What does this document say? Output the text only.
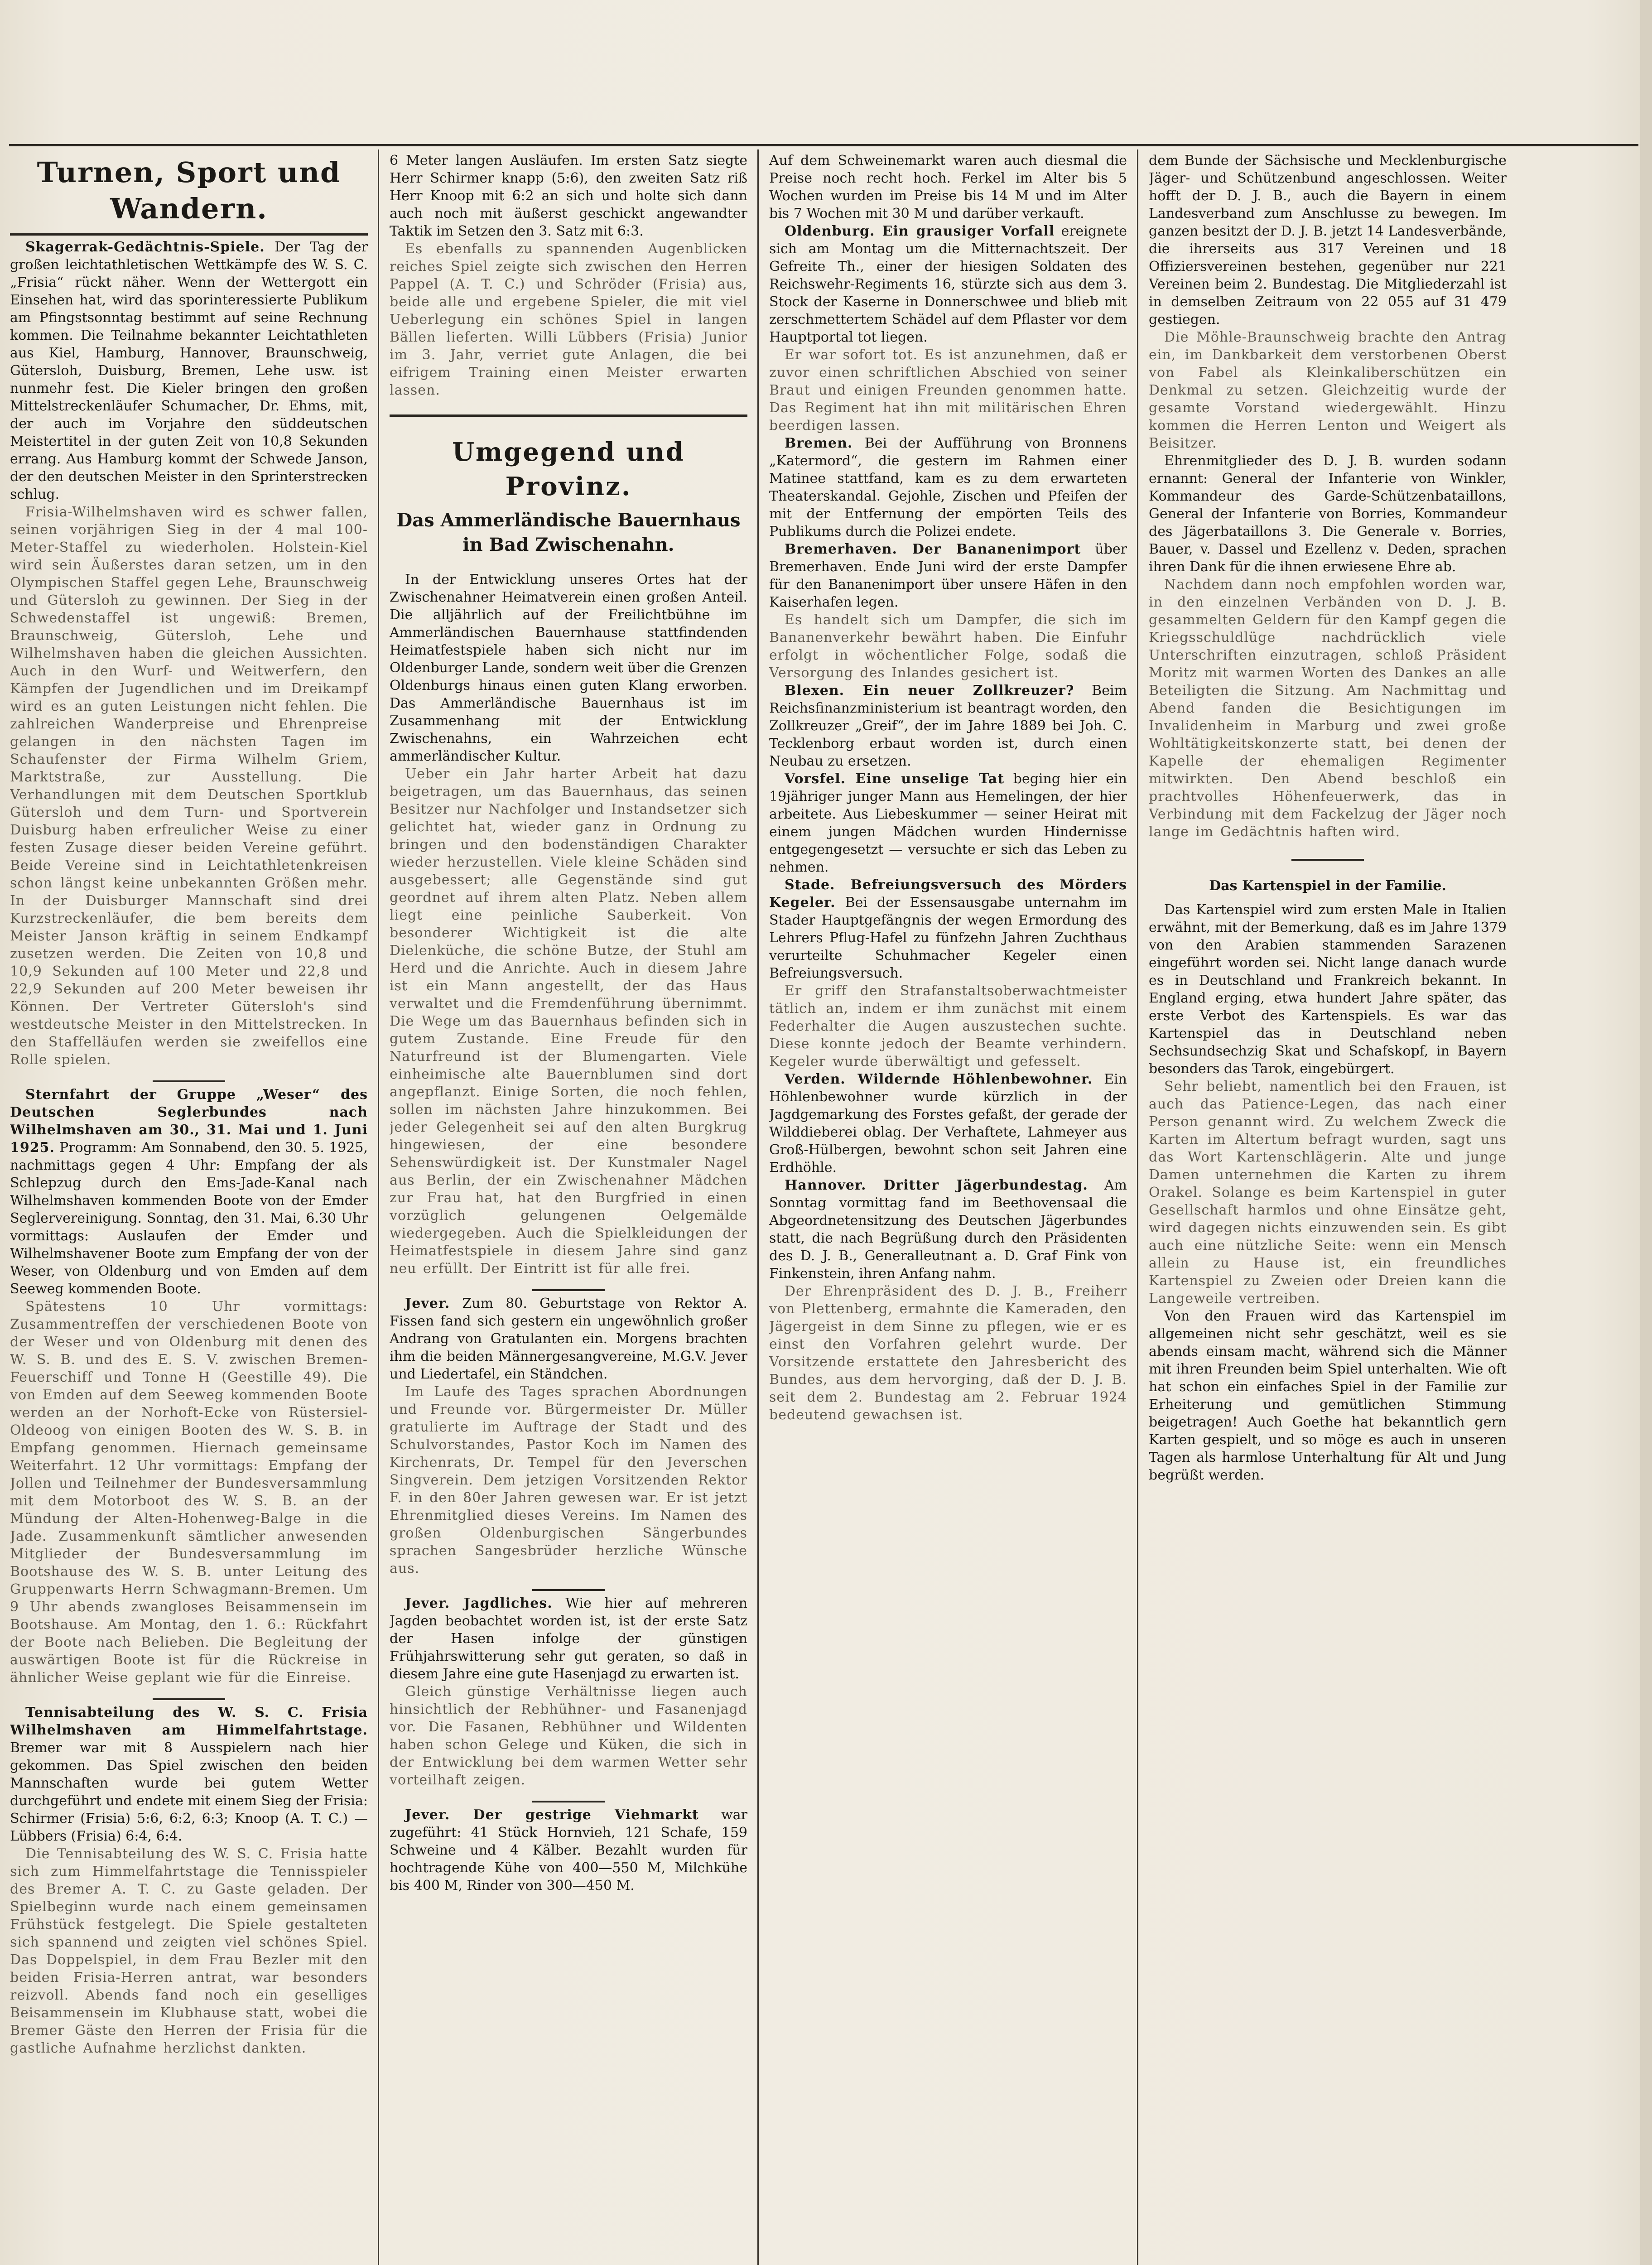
Turnen, Sport und Wandern.

Skagerrak-Gedächtnis-Spiele. Der Tag der großen leichtathletischen Wettkämpfe des W. S. C. „Frisia“ rückt näher. Wenn der Wettergott ein Einsehen hat, wird das sporinteressierte Publikum am Pfingstsonntag bestimmt auf seine Rechnung kommen. Die Teilnahme bekannter Leichtathleten aus Kiel, Hamburg, Hannover, Braunschweig, Gütersloh, Duisburg, Bremen, Lehe usw. ist nunmehr fest. Die Kieler bringen den großen Mittelstreckenläufer Schumacher, Dr. Ehms, mit, der auch im Vorjahre den süddeutschen Meistertitel in der guten Zeit von 10,8 Sekunden errang. Aus Hamburg kommt der Schwede Janson, der den deutschen Meister in den Sprinterstrecken schlug.

Frisia-Wilhelmshaven wird es schwer fallen, seinen vorjährigen Sieg in der 4 mal 100-Meter-Staffel zu wiederholen. Holstein-Kiel wird sein Äußerstes daran setzen, um in den Olympischen Staffel gegen Lehe, Braunschweig und Gütersloh zu gewinnen. Der Sieg in der Schwedenstaffel ist ungewiß: Bremen, Braunschweig, Gütersloh, Lehe und Wilhelmshaven haben die gleichen Aussichten. Auch in den Wurf- und Weitwerfern, den Kämpfen der Jugendlichen und im Dreikampf wird es an guten Leistungen nicht fehlen. Die zahlreichen Wanderpreise und Ehrenpreise gelangen in den nächsten Tagen im Schaufenster der Firma Wilhelm Griem, Marktstraße, zur Ausstellung. Die Verhandlungen mit dem Deutschen Sportklub Gütersloh und dem Turn- und Sportverein Duisburg haben erfreulicher Weise zu einer festen Zusage dieser beiden Vereine geführt. Beide Vereine sind in Leichtathletenkreisen schon längst keine unbekannten Größen mehr. In der Duisburger Mannschaft sind drei Kurzstreckenläufer, die bem bereits dem Meister Janson kräftig in seinem Endkampf zusetzen werden. Die Zeiten von 10,8 und 10,9 Sekunden auf 100 Meter und 22,8 und 22,9 Sekunden auf 200 Meter beweisen ihr Können. Der Vertreter Gütersloh's sind westdeutsche Meister in den Mittelstrecken. In den Staffelläufen werden sie zweifellos eine Rolle spielen.

Sternfahrt der Gruppe „Weser“ des Deutschen Seglerbundes nach Wilhelmshaven am 30., 31. Mai und 1. Juni 1925. Programm: Am Sonnabend, den 30. 5. 1925, nachmittags gegen 4 Uhr: Empfang der als Schlepzug durch den Ems-Jade-Kanal nach Wilhelmshaven kommenden Boote von der Emder Seglervereinigung. Sonntag, den 31. Mai, 6.30 Uhr vormittags: Auslaufen der Emder und Wilhelmshavener Boote zum Empfang der von der Weser, von Oldenburg und von Emden auf dem Seeweg kommenden Boote.

Spätestens 10 Uhr vormittags: Zusammentreffen der verschiedenen Boote von der Weser und von Oldenburg mit denen des W. S. B. und des E. S. V. zwischen Bremen-Feuerschiff und Tonne H (Geestille 49). Die von Emden auf dem Seeweg kommenden Boote werden an der Norhoft-Ecke von Rüstersiel-Oldeoog von einigen Booten des W. S. B. in Empfang genommen. Hiernach gemeinsame Weiterfahrt. 12 Uhr vormittags: Empfang der Jollen und Teilnehmer der Bundesversammlung mit dem Motorboot des W. S. B. an der Mündung der Alten-Hohenweg-Balge in die Jade. Zusammenkunft sämtlicher anwesenden Mitglieder der Bundesversammlung im Bootshause des W. S. B. unter Leitung des Gruppenwarts Herrn Schwagmann-Bremen. Um 9 Uhr abends zwangloses Beisammensein im Bootshause. Am Montag, den 1. 6.: Rückfahrt der Boote nach Belieben. Die Begleitung der auswärtigen Boote ist für die Rückreise in ähnlicher Weise geplant wie für die Einreise.

Tennisabteilung des W. S. C. Frisia Wilhelmshaven am Himmelfahrtstage. Bremer war mit 8 Ausspielern nach hier gekommen. Das Spiel zwischen den beiden Mannschaften wurde bei gutem Wetter durchgeführt und endete mit einem Sieg der Frisia: Schirmer (Frisia) 5:6, 6:2, 6:3; Knoop (A. T. C.) — Lübbers (Frisia) 6:4, 6:4.

Die Tennisabteilung des W. S. C. Frisia hatte sich zum Himmelfahrtstage die Tennisspieler des Bremer A. T. C. zu Gaste geladen. Der Spielbeginn wurde nach einem gemeinsamen Frühstück festgelegt. Die Spiele gestalteten sich spannend und zeigten viel schönes Spiel. Das Doppelspiel, in dem Frau Bezler mit den beiden Frisia-Herren antrat, war besonders reizvoll. Abends fand noch ein geselliges Beisammensein im Klubhause statt, wobei die Bremer Gäste den Herren der Frisia für die gastliche Aufnahme herzlichst dankten.

6 Meter langen Ausläufen. Im ersten Satz siegte Herr Schirmer knapp (5:6), den zweiten Satz riß Herr Knoop mit 6:2 an sich und holte sich dann auch noch mit äußerst geschickt angewandter Taktik im Setzen den 3. Satz mit 6:3.

Es ebenfalls zu spannenden Augenblicken reiches Spiel zeigte sich zwischen den Herren Pappel (A. T. C.) und Schröder (Frisia) aus, beide alle und ergebene Spieler, die mit viel Ueberlegung ein schönes Spiel in langen Bällen lieferten. Willi Lübbers (Frisia) Junior im 3. Jahr, verriet gute Anlagen, die bei eifrigem Training einen Meister erwarten lassen.

Umgegend und Provinz.
Das Ammerländische Bauernhaus in Bad Zwischenahn.

In der Entwicklung unseres Ortes hat der Zwischenahner Heimatverein einen großen Anteil. Die alljährlich auf der Freilichtbühne im Ammerländischen Bauernhause stattfindenden Heimatfestspiele haben sich nicht nur im Oldenburger Lande, sondern weit über die Grenzen Oldenburgs hinaus einen guten Klang erworben. Das Ammerländische Bauernhaus ist im Zusammenhang mit der Entwicklung Zwischenahns, ein Wahrzeichen echt ammerländischer Kultur.

Ueber ein Jahr harter Arbeit hat dazu beigetragen, um das Bauernhaus, das seinen Besitzer nur Nachfolger und Instandsetzer sich gelichtet hat, wieder ganz in Ordnung zu bringen und den bodenständigen Charakter wieder herzustellen. Viele kleine Schäden sind ausgebessert; alle Gegenstände sind gut geordnet auf ihrem alten Platz. Neben allem liegt eine peinliche Sauberkeit. Von besonderer Wichtigkeit ist die alte Dielenküche, die schöne Butze, der Stuhl am Herd und die Anrichte. Auch in diesem Jahre ist ein Mann angestellt, der das Haus verwaltet und die Fremdenführung übernimmt. Die Wege um das Bauernhaus befinden sich in gutem Zustande. Eine Freude für den Naturfreund ist der Blumengarten. Viele einheimische alte Bauernblumen sind dort angepflanzt. Einige Sorten, die noch fehlen, sollen im nächsten Jahre hinzukommen. Bei jeder Gelegenheit sei auf den alten Burgkrug hingewiesen, der eine besondere Sehenswürdigkeit ist. Der Kunstmaler Nagel aus Berlin, der ein Zwischenahner Mädchen zur Frau hat, hat den Burgfried in einen vorzüglich gelungenen Oelgemälde wiedergegeben. Auch die Spielkleidungen der Heimatfestspiele in diesem Jahre sind ganz neu erfüllt. Der Eintritt ist für alle frei.

Jever. Zum 80. Geburtstage von Rektor A. Fissen fand sich gestern ein ungewöhnlich großer Andrang von Gratulanten ein. Morgens brachten ihm die beiden Männergesangvereine, M.G.V. Jever und Liedertafel, ein Ständchen.

Im Laufe des Tages sprachen Abordnungen und Freunde vor. Bürgermeister Dr. Müller gratulierte im Auftrage der Stadt und des Schulvorstandes, Pastor Koch im Namen des Kirchenrats, Dr. Tempel für den Jeverschen Singverein. Dem jetzigen Vorsitzenden Rektor F. in den 80er Jahren gewesen war. Er ist jetzt Ehrenmitglied dieses Vereins. Im Namen des großen Oldenburgischen Sängerbundes sprachen Sangesbrüder herzliche Wünsche aus.

Jever. Jagdliches. Wie hier auf mehreren Jagden beobachtet worden ist, ist der erste Satz der Hasen infolge der günstigen Frühjahrswitterung sehr gut geraten, so daß in diesem Jahre eine gute Hasenjagd zu erwarten ist.

Gleich günstige Verhältnisse liegen auch hinsichtlich der Rebhühner- und Fasanenjagd vor. Die Fasanen, Rebhühner und Wildenten haben schon Gelege und Küken, die sich in der Entwicklung bei dem warmen Wetter sehr vorteilhaft zeigen.

Jever. Der gestrige Viehmarkt war zugeführt: 41 Stück Hornvieh, 121 Schafe, 159 Schweine und 4 Kälber. Bezahlt wurden für hochtragende Kühe von 400—550 M, Milchkühe bis 400 M, Rinder von 300—450 M.

Auf dem Schweinemarkt waren auch diesmal die Preise noch recht hoch. Ferkel im Alter bis 5 Wochen wurden im Preise bis 14 M und im Alter bis 7 Wochen mit 30 M und darüber verkauft.

Oldenburg. Ein grausiger Vorfall ereignete sich am Montag um die Mitternachtszeit. Der Gefreite Th., einer der hiesigen Soldaten des Reichswehr-Regiments 16, stürzte sich aus dem 3. Stock der Kaserne in Donnerschwee und blieb mit zerschmettertem Schädel auf dem Pflaster vor dem Hauptportal tot liegen.

Er war sofort tot. Es ist anzunehmen, daß er zuvor einen schriftlichen Abschied von seiner Braut und einigen Freunden genommen hatte. Das Regiment hat ihn mit militärischen Ehren beerdigen lassen.

Bremen. Bei der Aufführung von Bronnens „Katermord“, die gestern im Rahmen einer Matinee stattfand, kam es zu dem erwarteten Theaterskandal. Gejohle, Zischen und Pfeifen der mit der Entfernung der empörten Teils des Publikums durch die Polizei endete.

Bremerhaven. Der Bananenimport über Bremerhaven. Ende Juni wird der erste Dampfer für den Bananenimport über unsere Häfen in den Kaiserhafen legen.

Es handelt sich um Dampfer, die sich im Bananenverkehr bewährt haben. Die Einfuhr erfolgt in wöchentlicher Folge, sodaß die Versorgung des Inlandes gesichert ist.

Blexen. Ein neuer Zollkreuzer? Beim Reichsfinanzministerium ist beantragt worden, den Zollkreuzer „Greif“, der im Jahre 1889 bei Joh. C. Tecklenborg erbaut worden ist, durch einen Neubau zu ersetzen.

Vorsfel. Eine unselige Tat beging hier ein 19jähriger junger Mann aus Hemelingen, der hier arbeitete. Aus Liebeskummer — seiner Heirat mit einem jungen Mädchen wurden Hindernisse entgegengesetzt — versuchte er sich das Leben zu nehmen.

Stade. Befreiungsversuch des Mörders Kegeler. Bei der Essensausgabe unternahm im Stader Hauptgefängnis der wegen Ermordung des Lehrers Pflug-Hafel zu fünfzehn Jahren Zuchthaus verurteilte Schuhmacher Kegeler einen Befreiungsversuch.

Er griff den Strafanstaltsoberwachtmeister tätlich an, indem er ihm zunächst mit einem Federhalter die Augen auszustechen suchte. Diese konnte jedoch der Beamte verhindern. Kegeler wurde überwältigt und gefesselt.

Verden. Wildernde Höhlenbewohner. Ein Höhlenbewohner wurde kürzlich in der Jagdgemarkung des Forstes gefaßt, der gerade der Wilddieberei oblag. Der Verhaftete, Lahmeyer aus Groß-Hülbergen, bewohnt schon seit Jahren eine Erdhöhle.

Hannover. Dritter Jägerbundestag. Am Sonntag vormittag fand im Beethovensaal die Abgeordnetensitzung des Deutschen Jägerbundes statt, die nach Begrüßung durch den Präsidenten des D. J. B., Generalleutnant a. D. Graf Fink von Finkenstein, ihren Anfang nahm.

Der Ehrenpräsident des D. J. B., Freiherr von Plettenberg, ermahnte die Kameraden, den Jägergeist in dem Sinne zu pflegen, wie er es einst den Vorfahren gelehrt wurde. Der Vorsitzende erstattete den Jahresbericht des Bundes, aus dem hervorging, daß der D. J. B. seit dem 2. Bundestag am 2. Februar 1924 bedeutend gewachsen ist.

dem Bunde der Sächsische und Mecklenburgische Jäger- und Schützenbund angeschlossen. Weiter hofft der D. J. B., auch die Bayern in einem Landesverband zum Anschlusse zu bewegen. Im ganzen besitzt der D. J. B. jetzt 14 Landesverbände, die ihrerseits aus 317 Vereinen und 18 Offiziersvereinen bestehen, gegenüber nur 221 Vereinen beim 2. Bundestag. Die Mitgliederzahl ist in demselben Zeitraum von 22 055 auf 31 479 gestiegen.

Die Möhle-Braunschweig brachte den Antrag ein, im Dankbarkeit dem verstorbenen Oberst von Fabel als Kleinkaliberschützen ein Denkmal zu setzen. Gleichzeitig wurde der gesamte Vorstand wiedergewählt. Hinzu kommen die Herren Lenton und Weigert als Beisitzer.

Ehrenmitglieder des D. J. B. wurden sodann ernannt: General der Infanterie von Winkler, Kommandeur des Garde-Schützenbataillons, General der Infanterie von Borries, Kommandeur des Jägerbataillons 3. Die Generale v. Borries, Bauer, v. Dassel und Ezellenz v. Deden, sprachen ihren Dank für die ihnen erwiesene Ehre ab.

Nachdem dann noch empfohlen worden war, in den einzelnen Verbänden von D. J. B. gesammelten Geldern für den Kampf gegen die Kriegsschuldlüge nachdrücklich viele Unterschriften einzutragen, schloß Präsident Moritz mit warmen Worten des Dankes an alle Beteiligten die Sitzung. Am Nachmittag und Abend fanden die Besichtigungen im Invalidenheim in Marburg und zwei große Wohltätigkeitskonzerte statt, bei denen der Kapelle der ehemaligen Regimenter mitwirkten. Den Abend beschloß ein prachtvolles Höhenfeuerwerk, das in Verbindung mit dem Fackelzug der Jäger noch lange im Gedächtnis haften wird.

Das Kartenspiel in der Familie.

Das Kartenspiel wird zum ersten Male in Italien erwähnt, mit der Bemerkung, daß es im Jahre 1379 von den Arabien stammenden Sarazenen eingeführt worden sei. Nicht lange danach wurde es in Deutschland und Frankreich bekannt. In England erging, etwa hundert Jahre später, das erste Verbot des Kartenspiels. Es war das Kartenspiel das in Deutschland neben Sechsundsechzig Skat und Schafskopf, in Bayern besonders das Tarok, eingebürgert.

Sehr beliebt, namentlich bei den Frauen, ist auch das Patience-Legen, das nach einer Person genannt wird. Zu welchem Zweck die Karten im Altertum befragt wurden, sagt uns das Wort Kartenschlägerin. Alte und junge Damen unternehmen die Karten zu ihrem Orakel. Solange es beim Kartenspiel in guter Gesellschaft harmlos und ohne Einsätze geht, wird dagegen nichts einzuwenden sein. Es gibt auch eine nützliche Seite: wenn ein Mensch allein zu Hause ist, ein freundliches Kartenspiel zu Zweien oder Dreien kann die Langeweile vertreiben.

Von den Frauen wird das Kartenspiel im allgemeinen nicht sehr geschätzt, weil es sie abends einsam macht, während sich die Männer mit ihren Freunden beim Spiel unterhalten. Wie oft hat schon ein einfaches Spiel in der Familie zur Erheiterung und gemütlichen Stimmung beigetragen! Auch Goethe hat bekanntlich gern Karten gespielt, und so möge es auch in unseren Tagen als harmlose Unterhaltung für Alt und Jung begrüßt werden.
